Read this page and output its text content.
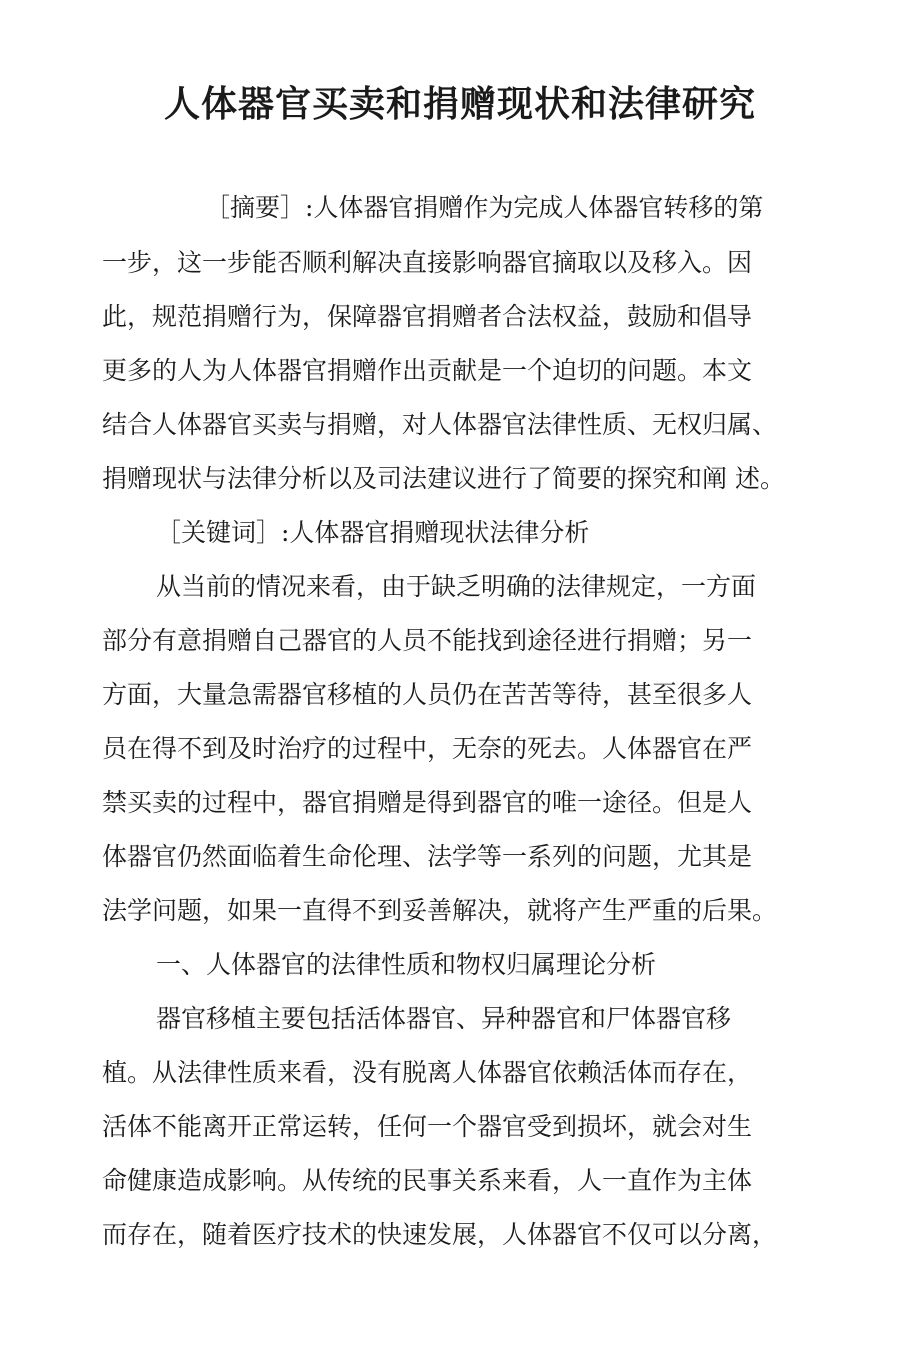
人体器官买卖和捐赠现状和法律研究

［摘要］:人体器官捐赠作为完成人体器官转移的第

一步，这一步能否顺利解决直接影响器官摘取以及移入。因

此，规范捐赠行为，保障器官捐赠者合法权益，鼓励和倡导

更多的人为人体器官捐赠作出贡献是一个迫切的问题。本文

结合人体器官买卖与捐赠，对人体器官法律性质、无权归属、

捐赠现状与法律分析以及司法建议进行了简要的探究和阐 述。

［关键词］:人体器官捐赠现状法律分析

从当前的情况来看，由于缺乏明确的法律规定，一方面

部分有意捐赠自己器官的人员不能找到途径进行捐赠；另一

方面，大量急需器官移植的人员仍在苦苦等待，甚至很多人

员在得不到及时治疗的过程中，无奈的死去。人体器官在严

禁买卖的过程中，器官捐赠是得到器官的唯一途径。但是人

体器官仍然面临着生命伦理、法学等一系列的问题，尤其是

法学问题，如果一直得不到妥善解决，就将产生严重的后果。

一、人体器官的法律性质和物权归属理论分析

器官移植主要包括活体器官、异种器官和尸体器官移

植。从法律性质来看，没有脱离人体器官依赖活体而存在，

活体不能离开正常运转，任何一个器官受到损坏，就会对生

命健康造成影响。从传统的民事关系来看，人一直作为主体

而存在，随着医疗技术的快速发展，人体器官不仅可以分离，
